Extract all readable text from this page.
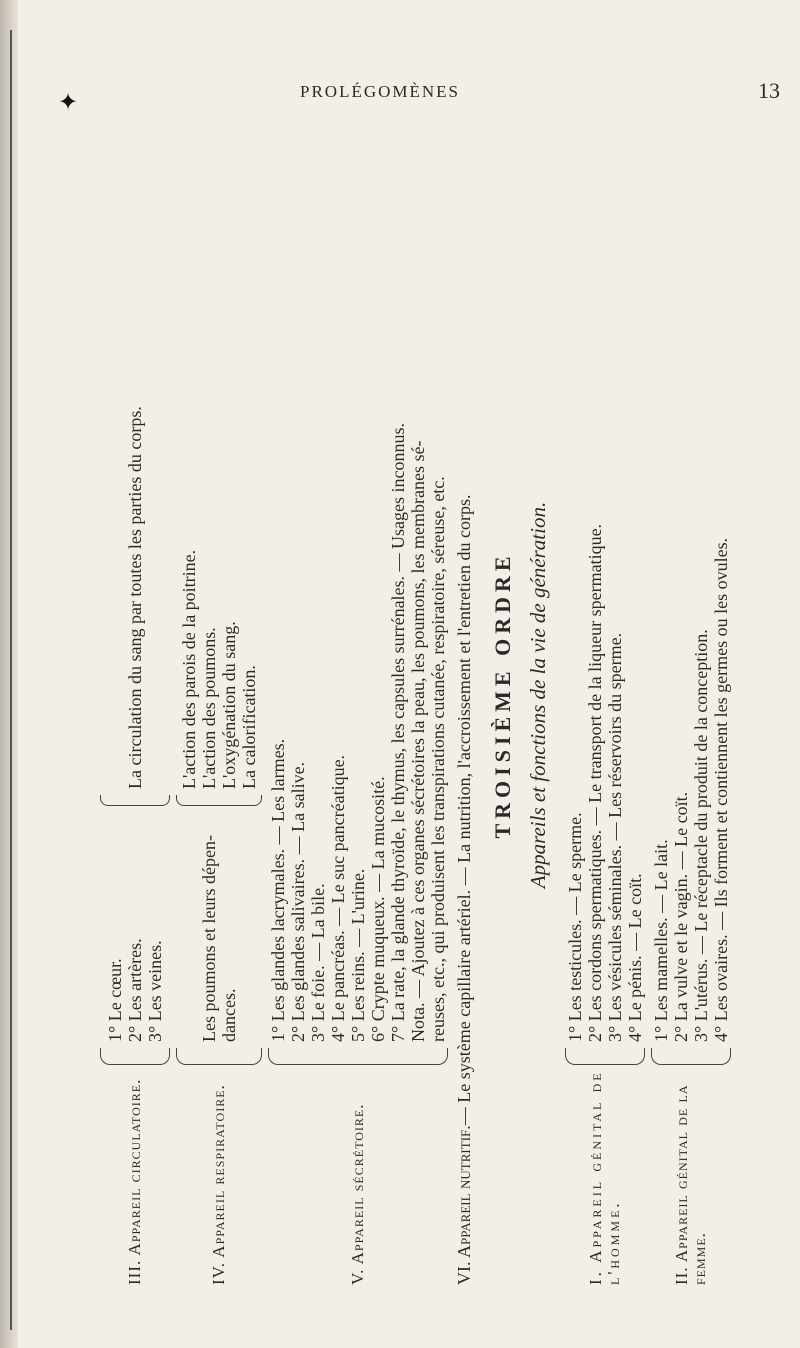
✦	PROLÉGOMÈNES	13
III. Appareil circulatoire.
1° Le cœur. 2° Les artères. 3° Les veines.
La circulation du sang par toutes les parties du corps.
IV. Appareil respiratoire.
Les poumons et leurs dépen-dances.
L'action des parois de la poitrine. L'action des poumons. L'oxygénation du sang. La calorification.
V. Appareil sécrétoire.
1° Les glandes lacrymales. — Les larmes. 2° Les glandes salivaires. — La salive. 3° Le foie. — La bile. 4° Le pancréas. — Le suc pancréatique. 5° Les reins. — L'urine. 6° Crypte muqueux. — La mucosité. 7° La rate, la glande thyroïde, le thymus, les capsules surrénales. — Usages inconnus. Nota. — Ajoutez à ces organes sécrétoires la peau, les poumons, les membranes sé- reuses, etc., qui produisent les transpirations cutanée, respiratoire, séreuse, etc.
VI. Appareil nutritif.
— Le système capillaire artériel. — La nutrition, l'accroissement et l'entretien du corps. TROISIÈME ORDRE Appareils et fonctions de la vie de génération.
I. Appareil génital de l'homme.
1° Les testicules. — Le sperme. 2° Les cordons spermatiques. — Le transport de la liqueur spermatique. 3° Les vésicules séminales. — Les réservoirs du sperme. 4° Le pénis. — Le coït.
II. Appareil génital de la femme.
1° Les mamelles. — Le lait. 2° La vulve et le vagin. — Le coït. 3° L'utérus. — Le réceptacle du produit de la conception. 4° Les ovaires. — Ils forment et contiennent les germes ou les ovules.
